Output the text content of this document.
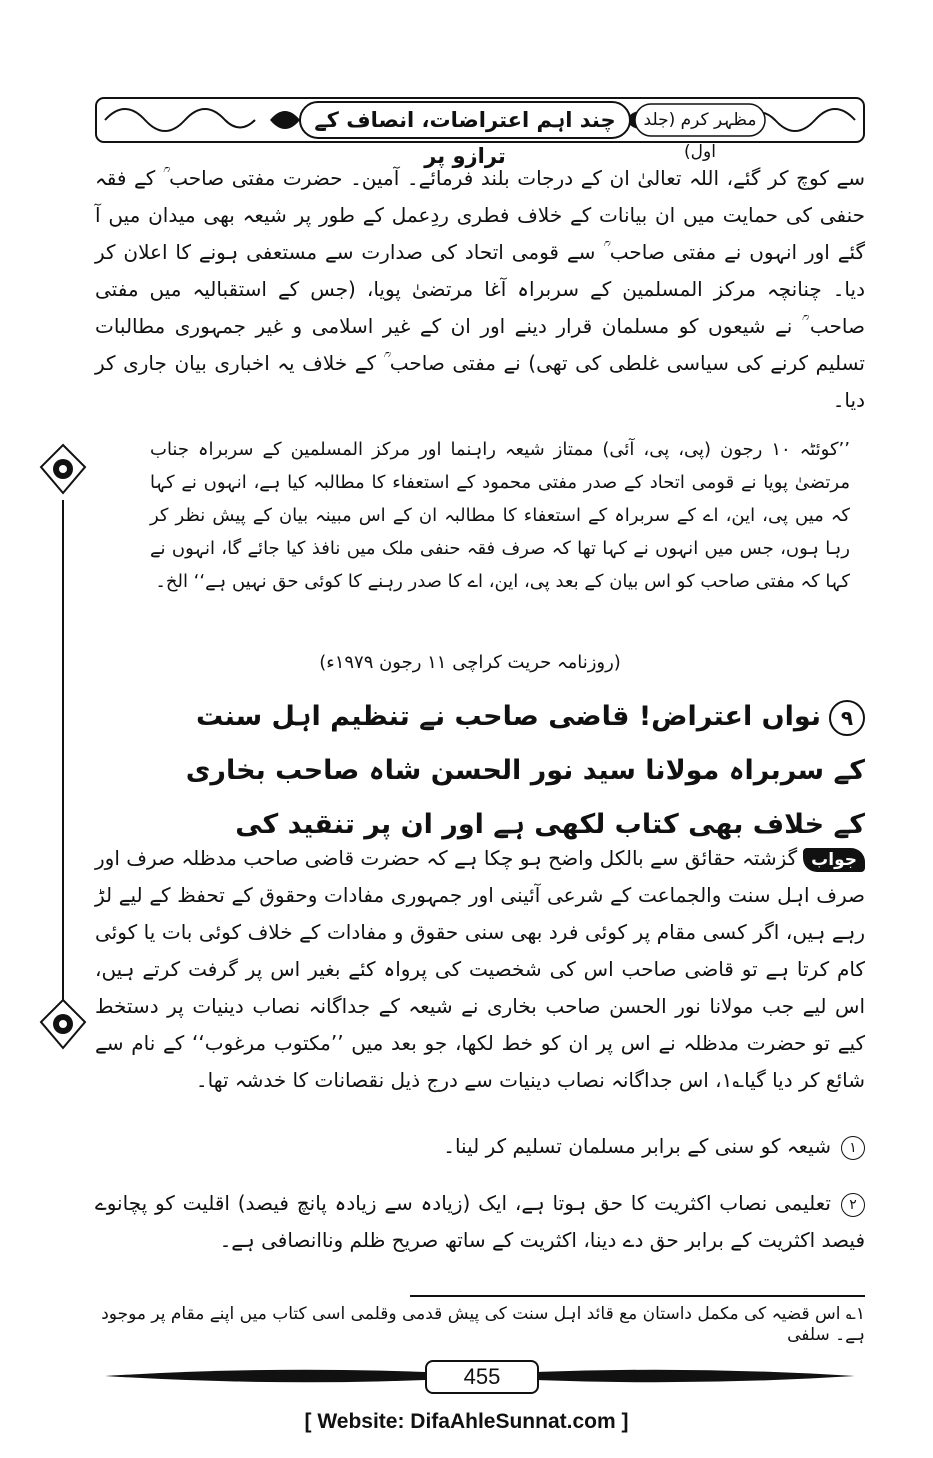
چند اہم اعتراضات، انصاف کے ترازو پر
مظہر کرم (جلد اول)

سے کوچ کر گئے، اللہ تعالیٰ ان کے درجات بلند فرمائے۔ آمین۔ حضرت مفتی صاحب ؒ کے فقہ حنفی کی حمایت میں ان بیانات کے خلاف فطری ردِعمل کے طور پر شیعہ بھی میدان میں آ گئے اور انہوں نے مفتی صاحب ؒ سے قومی اتحاد کی صدارت سے مستعفی ہونے کا اعلان کر دیا۔ چنانچہ مرکز المسلمین کے سربراہ آغا مرتضیٰ پویا، (جس کے استقبالیہ میں مفتی صاحب ؒ نے شیعوں کو مسلمان قرار دینے اور ان کے غیر اسلامی و غیر جمہوری مطالبات تسلیم کرنے کی سیاسی غلطی کی تھی) نے مفتی صاحب ؒ کے خلاف یہ اخباری بیان جاری کر دیا۔

’’کوئٹہ ۱۰ رجون (پی، پی، آئی) ممتاز شیعہ راہنما اور مرکز المسلمین کے سربراہ جناب مرتضیٰ پویا نے قومی اتحاد کے صدر مفتی محمود کے استعفاء کا مطالبہ کیا ہے، انہوں نے کہا کہ میں پی، این، اے کے سربراہ کے استعفاء کا مطالبہ ان کے اس مبینہ بیان کے پیش نظر کر رہا ہوں، جس میں انہوں نے کہا تھا کہ صرف فقہ حنفی ملک میں نافذ کیا جائے گا، انہوں نے کہا کہ مفتی صاحب کو اس بیان کے بعد پی، این، اے کا صدر رہنے کا کوئی حق نہیں ہے‘‘ الخ۔

(روزنامہ حریت کراچی ۱۱ رجون ۱۹۷۹ء)
۹نواں اعتراض! قاضی صاحب نے تنظیم اہل سنت کے سربراہ مولانا سید نور الحسن شاہ صاحب بخاری کے خلاف بھی کتاب لکھی ہے اور ان پر تنقید کی

جوابگزشتہ حقائق سے بالکل واضح ہو چکا ہے کہ حضرت قاضی صاحب مدظلہ صرف اور صرف اہل سنت والجماعت کے شرعی آئینی اور جمہوری مفادات وحقوق کے تحفظ کے لیے لڑ رہے ہیں، اگر کسی مقام پر کوئی فرد بھی سنی حقوق و مفادات کے خلاف کوئی بات یا کوئی کام کرتا ہے تو قاضی صاحب اس کی شخصیت کی پرواہ کئے بغیر اس پر گرفت کرتے ہیں، اس لیے جب مولانا نور الحسن صاحب بخاری نے شیعہ کے جداگانہ نصاب دینیات پر دستخط کیے تو حضرت مدظلہ نے اس پر ان کو خط لکھا، جو بعد میں ’’مکتوب مرغوب‘‘ کے نام سے شائع کر دیا گیا؎۱، اس جداگانہ نصاب دینیات سے درج ذیل نقصانات کا خدشہ تھا۔

۱شیعہ کو سنی کے برابر مسلمان تسلیم کر لینا۔
۲تعلیمی نصاب اکثریت کا حق ہوتا ہے، ایک (زیادہ سے زیادہ پانچ فیصد) اقلیت کو پچانوے فیصد اکثریت کے برابر حق دے دینا، اکثریت کے ساتھ صریح ظلم وناانصافی ہے۔
۱؎ اس قضیہ کی مکمل داستان مع قائد اہل سنت کی پیش قدمی وقلمی اسی کتاب میں اپنے مقام پر موجود ہے۔ سلفی
455
[ Website: DifaAhleSunnat.com ]
